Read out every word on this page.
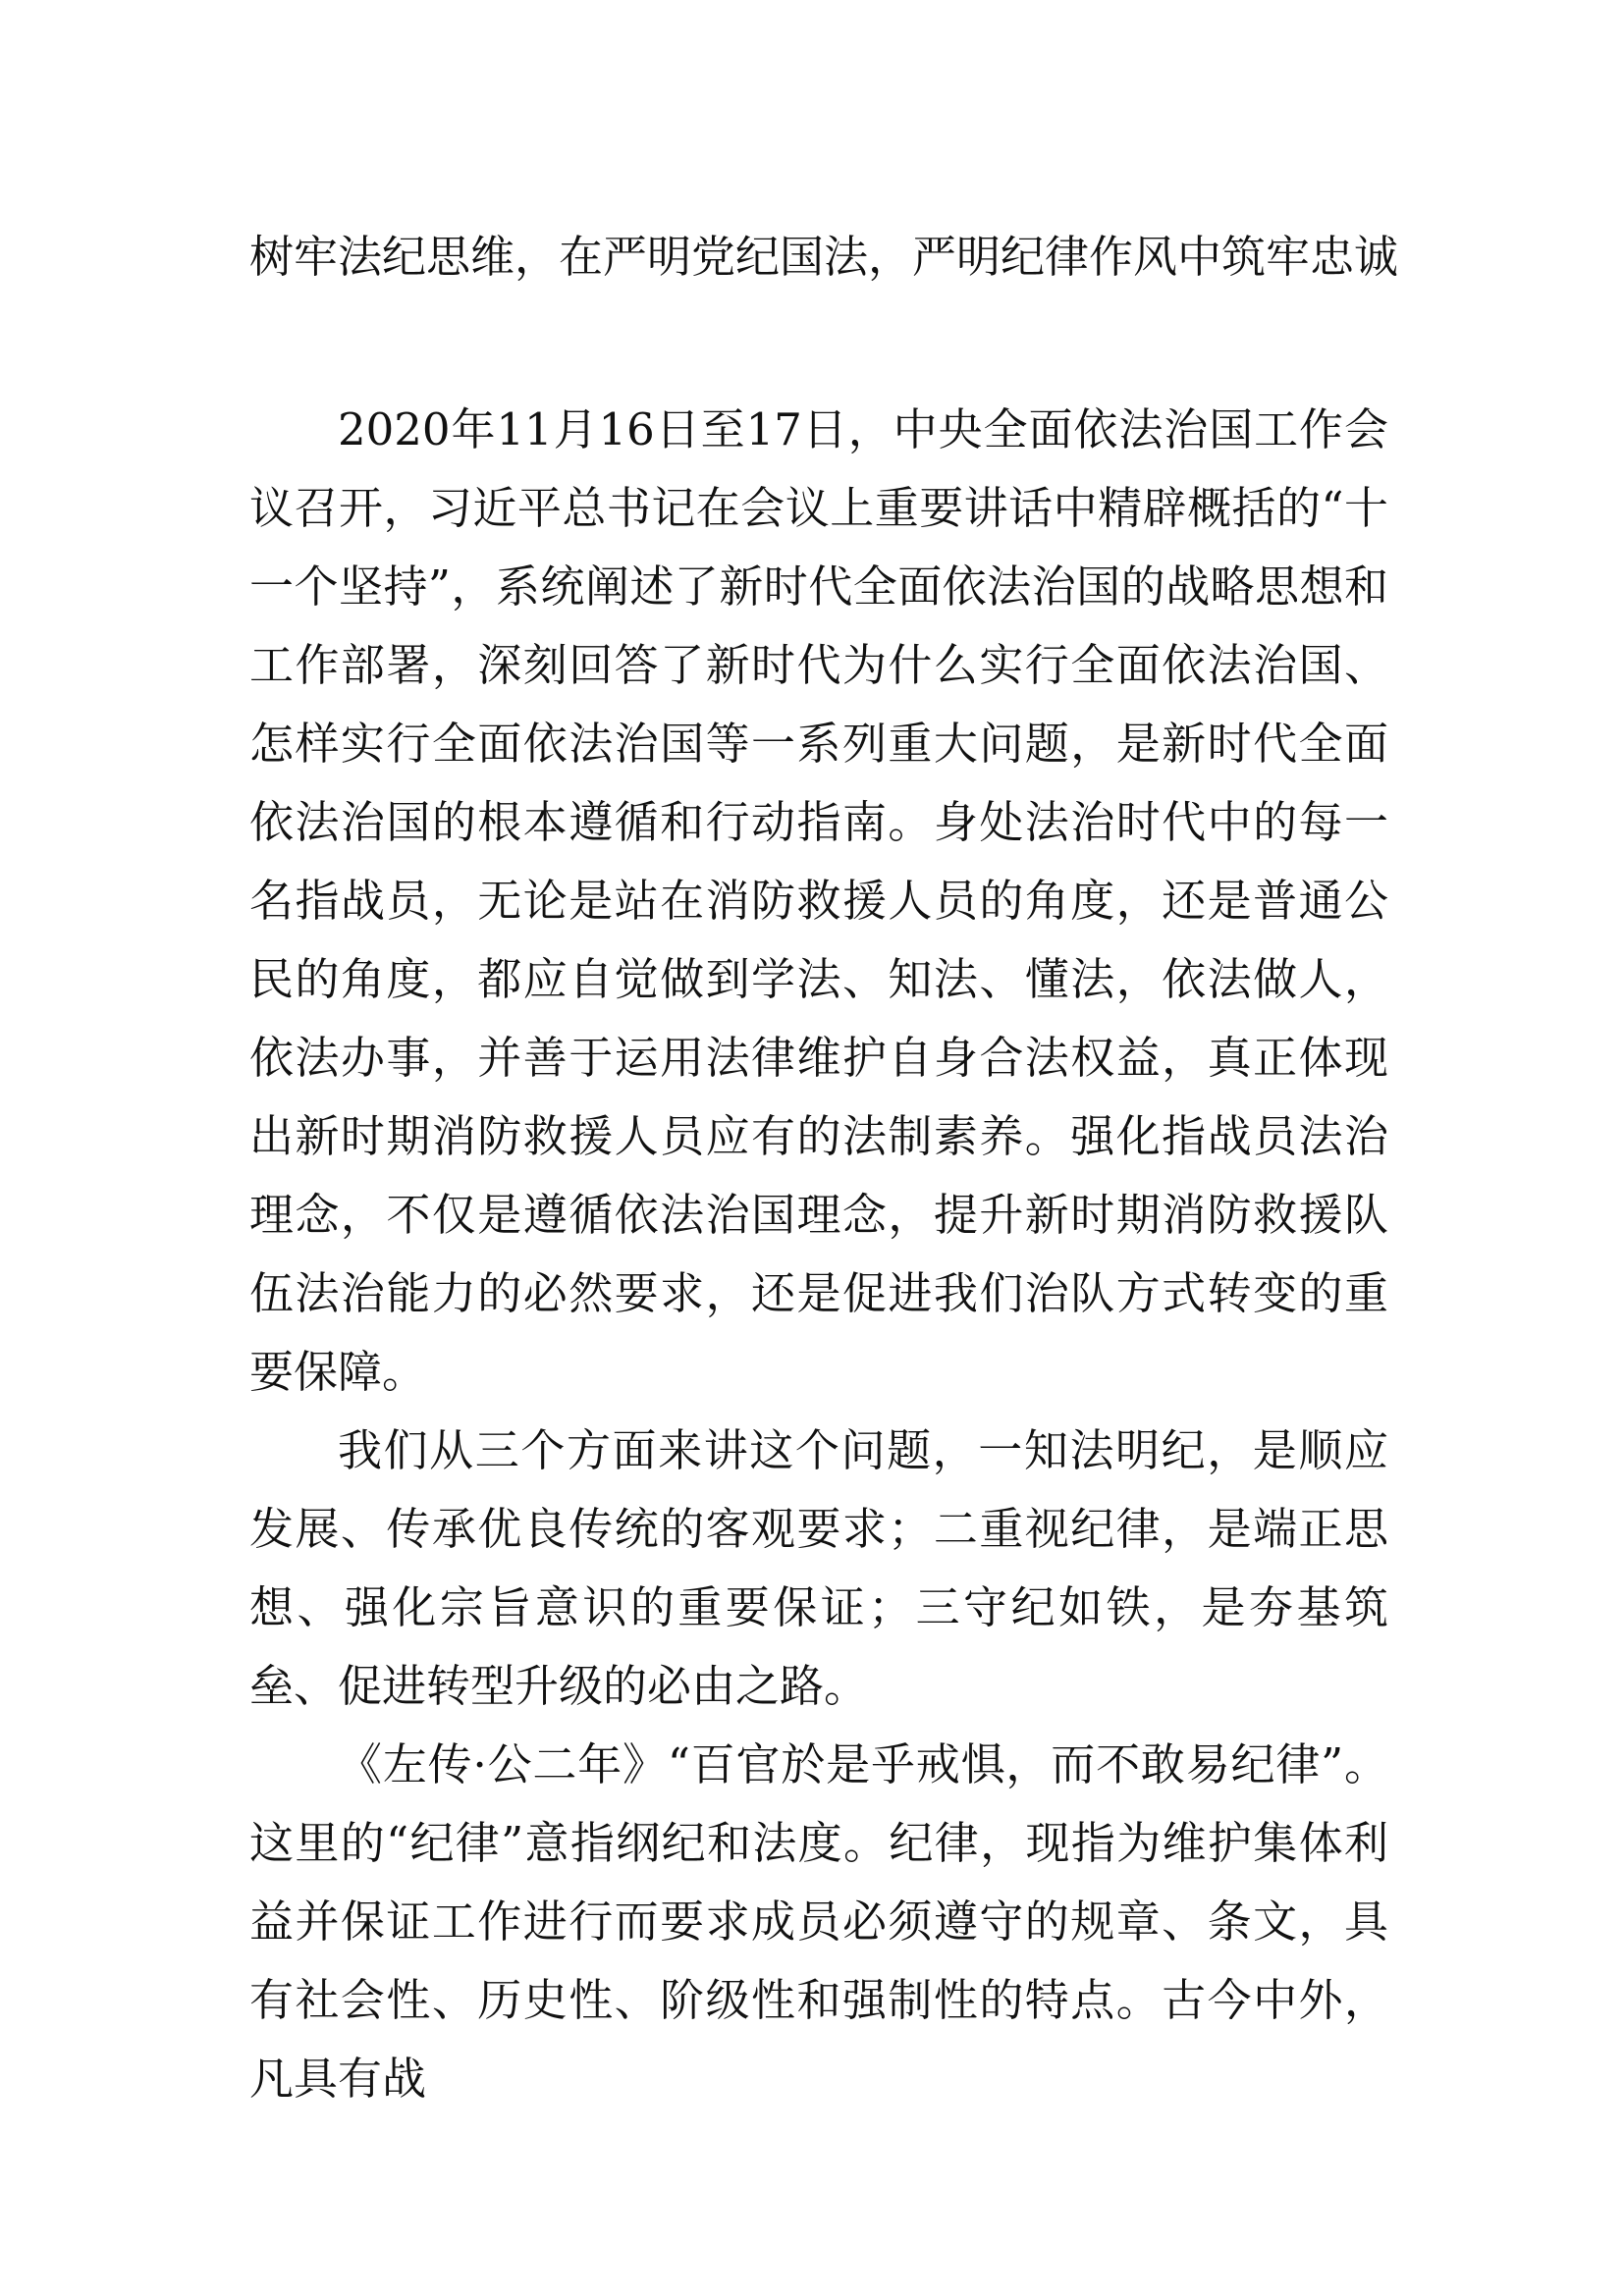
树牢法纪思维，在严明党纪国法，严明纪律作风中筑牢忠诚

2020年11月16日至17日，中央全面依法治国工作会议召开，习近平总书记在会议上重要讲话中精辟概括的“十一个坚持”，系统阐述了新时代全面依法治国的战略思想和工作部署，深刻回答了新时代为什么实行全面依法治国、怎样实行全面依法治国等一系列重大问题，是新时代全面依法治国的根本遵循和行动指南。身处法治时代中的每一名指战员，无论是站在消防救援人员的角度，还是普通公民的角度，都应自觉做到学法、知法、懂法，依法做人，依法办事，并善于运用法律维护自身合法权益，真正体现出新时期消防救援人员应有的法制素养。强化指战员法治理念，不仅是遵循依法治国理念，提升新时期消防救援队伍法治能力的必然要求，还是促进我们治队方式转变的重要保障。

我们从三个方面来讲这个问题，一知法明纪，是顺应发展、传承优良传统的客观要求；二重视纪律，是端正思想、强化宗旨意识的重要保证；三守纪如铁，是夯基筑垒、促进转型升级的必由之路。

《左传·公二年》“百官於是乎戒惧，而不敢易纪律”。这里的“纪律”意指纲纪和法度。纪律，现指为维护集体利益并保证工作进行而要求成员必须遵守的规章、条文，具有社会性、历史性、阶级性和强制性的特点。古今中外，凡具有战
